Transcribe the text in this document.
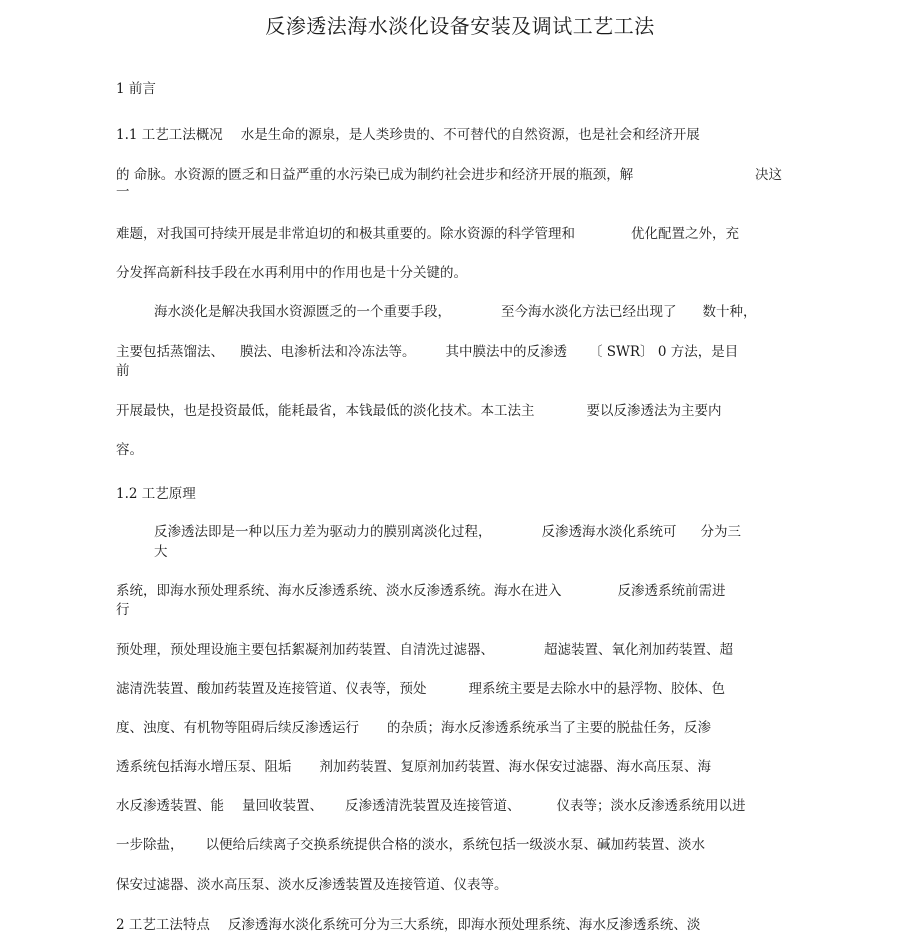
反渗透法海水淡化设备安装及调试工艺工法
1 前言
1.1 工艺工法概况 水是生命的源泉，是人类珍贵的、不可替代的自然资源，也是社会和经济开展
的 命脉。水资源的匮乏和日益严重的水污染已成为制约社会进步和经济开展的瓶颈，解	决这
一
难题，对我国可持续开展是非常迫切的和极其重要的。除水资源的科学管理和	优化配置之外，充
分发挥高新科技手段在水再利用中的作用也是十分关键的。
海水淡化是解决我国水资源匮乏的一个重要手段，	至今海水淡化方法已经出现了 数十种，
主要包括蒸馏法、 膜法、电渗析法和冷冻法等。 其中膜法中的反渗透 〔 SWR〕 0 方法，是目
前
开展最快，也是投资最低，能耗最省，本钱最低的淡化技术。本工法主	要以反渗透法为主要内
容。
1.2 工艺原理
反渗透法即是一种以压力差为驱动力的膜别离淡化过程，	反渗透海水淡化系统可 分为三
大
系统，即海水预处理系统、海水反渗透系统、淡水反渗透系统。海水在进入	反渗透系统前需进
行
预处理，预处理设施主要包括絮凝剂加药装置、自清洗过滤器、	超滤装置、氧化剂加药装置、超
滤清洗装置、酸加药装置及连接管道、仪表等，预处	理系统主要是去除水中的悬浮物、胶体、色
度、浊度、有机物等阻碍后续反渗透运行 的杂质；海水反渗透系统承当了主要的脱盐任务，反渗
透系统包括海水增压泵、阻垢 剂加药装置、复原剂加药装置、海水保安过滤器、海水高压泵、海
水反渗透装置、能 量回收装置、 反渗透清洗装置及连接管道、	仪表等；淡水反渗透系统用以进
一步除盐， 以便给后续离子交换系统提供合格的淡水，系统包括一级淡水泵、碱加药装置、淡水
保安过滤器、淡水高压泵、淡水反渗透装置及连接管道、仪表等。
2 工艺工法特点 反渗透海水淡化系统可分为三大系统，即海水预处理系统、海水反渗透系统、淡
